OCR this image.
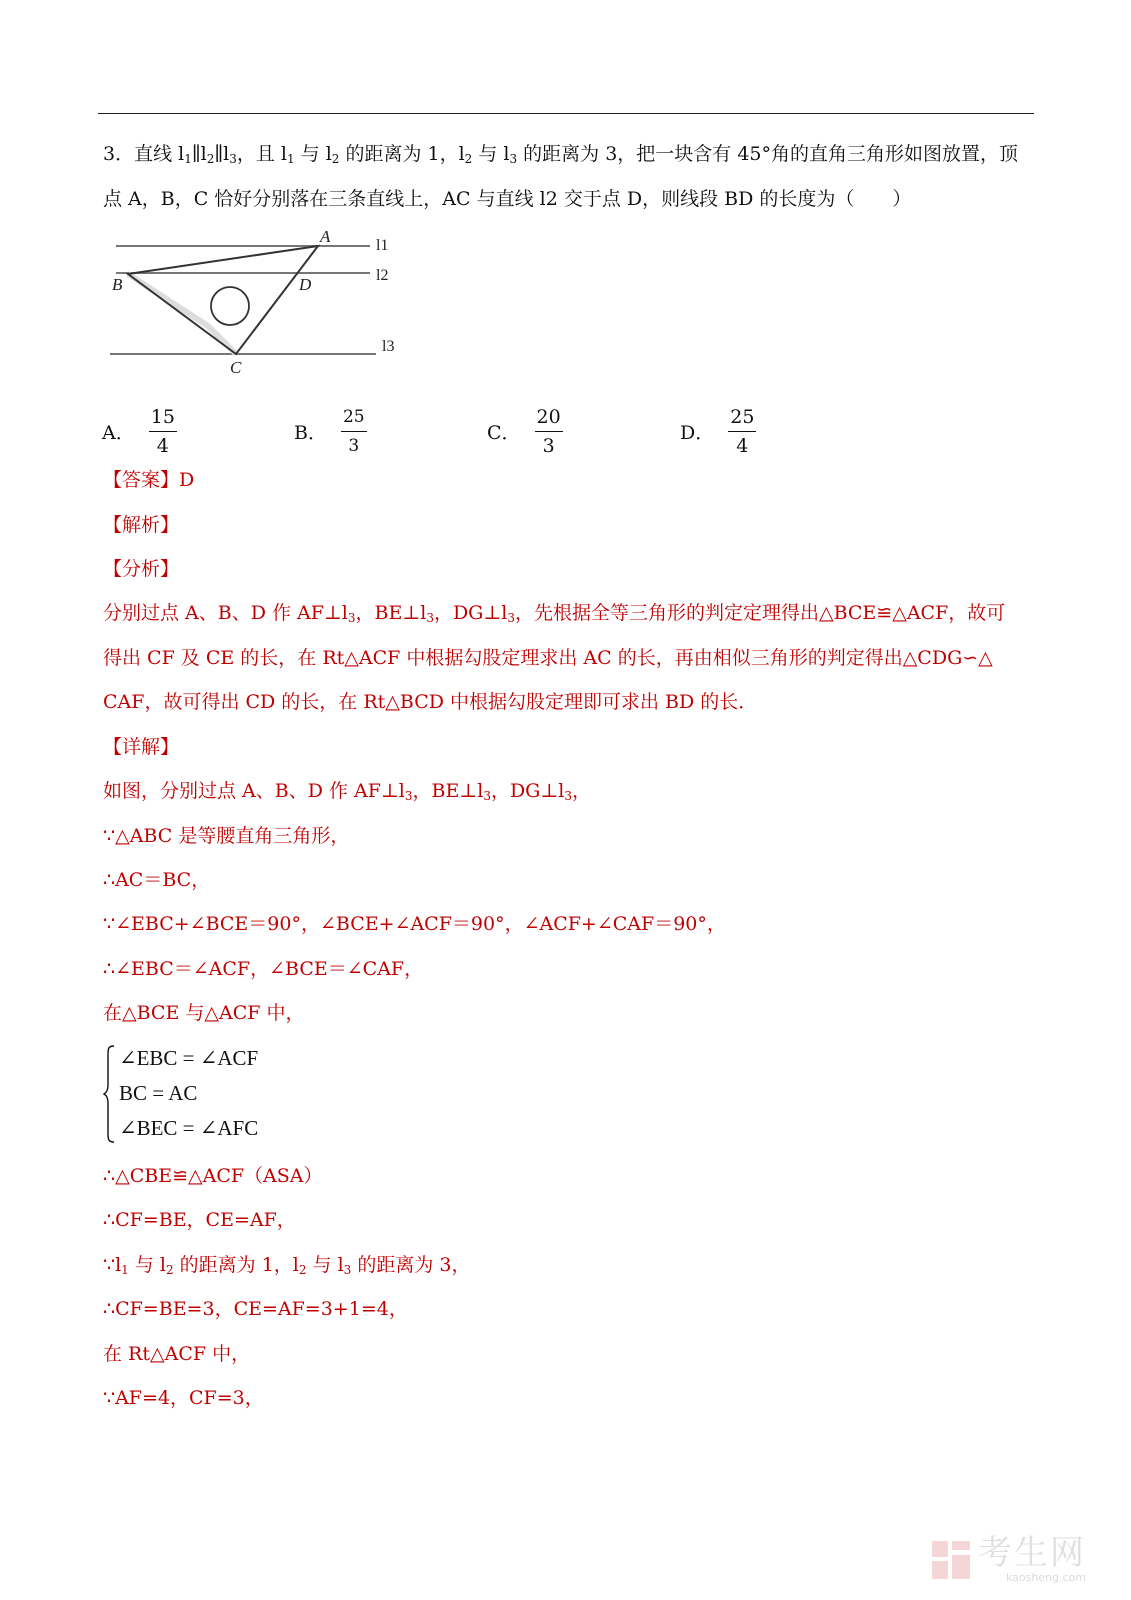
3．直线 $l_1\parallel l_2\parallel l_3$，且 $l_1$ 与 $l_2$ 的距离为 1，$l_2$ 与 $l_3$ 的距离为 3，把一块含有 45°角的直角三角形如图放置，顶
点 A，B，C 恰好分别落在三条直线上，AC 与直线 l2 交于点 D，则线段 BD 的长度为（　　）
A
B
C
D
l1
l2
l3
A． $\frac{15}{4}$	B． $\frac{25}{3}$	C． $\frac{20}{3}$	D． $\frac{25}{4}$
【答案】D
【解析】
【分析】
分别过点 A、B、D 作 $AF\perp l_3$，$BE\perp l_3$，$DG\perp l_3$，先根据全等三角形的判定定理得出△BCE≌△ACF，故可
得出 CF 及 CE 的长，在 Rt△ACF 中根据勾股定理求出 AC 的长，再由相似三角形的判定得出△CDG∽△
CAF，故可得出 CD 的长，在 Rt△BCD 中根据勾股定理即可求出 BD 的长．
【详解】
如图，分别过点 A、B、D 作 $AF\perp l_3$，$BE\perp l_3$，$DG\perp l_3$，
∵△ABC 是等腰直角三角形，
∴AC＝BC，
∵∠EBC+∠BCE＝90°，∠BCE+∠ACF＝90°，∠ACF+∠CAF＝90°，
∴∠EBC＝∠ACF，∠BCE＝∠CAF，
在△BCE 与△ACF 中，
∠EBC = ∠ACF
BC = AC
∠BEC = ∠AFC
∴△CBE≌△ACF（ASA）
∴CF=BE，CE=AF，
$\because l_1$ 与 $l_2$ 的距离为 1，$l_2$ 与 $l_3$ 的距离为 3，
∴CF=BE=3，CE=AF=3+1=4，
在 Rt△ACF 中，
∵AF=4，CF=3，
考生网
kaosheng.com
